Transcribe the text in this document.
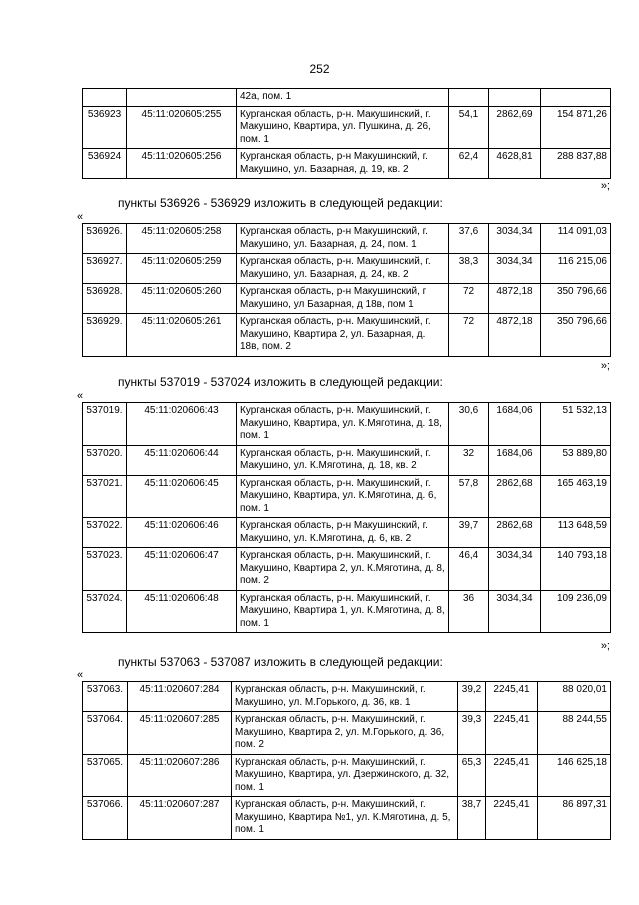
252
		42а, пом. 1			
536923	45:11:020605:255	Курганская область, р-н. Макушинский, г. Макушино, Квартира, ул. Пушкина, д. 26, пом. 1	54,1	2862,69	154 871,26
536924	45:11:020605:256	Курганская область, р-н Макушинский, г. Макушино, ул. Базарная, д. 19, кв. 2	62,4	4628,81	288 837,88
»;
пункты 536926 - 536929 изложить в следующей редакции:
«
536926.	45:11:020605:258	Курганская область, р-н Макушинский, г. Макушино, ул. Базарная, д. 24, пом. 1	37,6	3034,34	114 091,03
536927.	45:11:020605:259	Курганская область, р-н. Макушинский, г. Макушино, ул. Базарная, д. 24, кв. 2	38,3	3034,34	116 215,06
536928.	45:11:020605:260	Курганская область, р-н Макушинский, г Макушино, ул Базарная, д 18в, пом 1	72	4872,18	350 796,66
536929.	45:11:020605:261	Курганская область, р-н. Макушинский, г. Макушино, Квартира 2, ул. Базарная, д. 18в, пом. 2	72	4872,18	350 796,66
»;
пункты 537019 - 537024 изложить в следующей редакции:
«
537019.	45:11:020606:43	Курганская область, р-н. Макушинский, г. Макушино, Квартира, ул. К.Мяготина, д. 18, пом. 1	30,6	1684,06	51 532,13
537020.	45:11:020606:44	Курганская область, р-н. Макушинский, г. Макушино, ул. К.Мяготина, д. 18, кв. 2	32	1684,06	53 889,80
537021.	45:11:020606:45	Курганская область, р-н. Макушинский, г. Макушино, Квартира, ул. К.Мяготина, д. 6, пом. 1	57,8	2862,68	165 463,19
537022.	45:11:020606:46	Курганская область, р-н Макушинский, г. Макушино, ул. К.Мяготина, д. 6, кв. 2	39,7	2862,68	113 648,59
537023.	45:11:020606:47	Курганская область, р-н. Макушинский, г. Макушино, Квартира 2, ул. К.Мяготина, д. 8, пом. 2	46,4	3034,34	140 793,18
537024.	45:11:020606:48	Курганская область, р-н. Макушинский, г. Макушино, Квартира 1, ул. К.Мяготина, д. 8, пом. 1	36	3034,34	109 236,09
»;
пункты 537063 - 537087 изложить в следующей редакции:
«
537063.	45:11:020607:284	Курганская область, р-н. Макушинский, г. Макушино, ул. М.Горького, д. 36, кв. 1	39,2	2245,41	88 020,01
537064.	45:11:020607:285	Курганская область, р-н. Макушинский, г. Макушино, Квартира 2, ул. М.Горького, д. 36, пом. 2	39,3	2245,41	88 244,55
537065.	45:11:020607:286	Курганская область, р-н. Макушинский, г. Макушино, Квартира, ул. Дзержинского, д. 32, пом. 1	65,3	2245,41	146 625,18
537066.	45:11:020607:287	Курганская область, р-н. Макушинский, г. Макушино, Квартира №1, ул. К.Мяготина, д. 5, пом. 1	38,7	2245,41	86 897,31
